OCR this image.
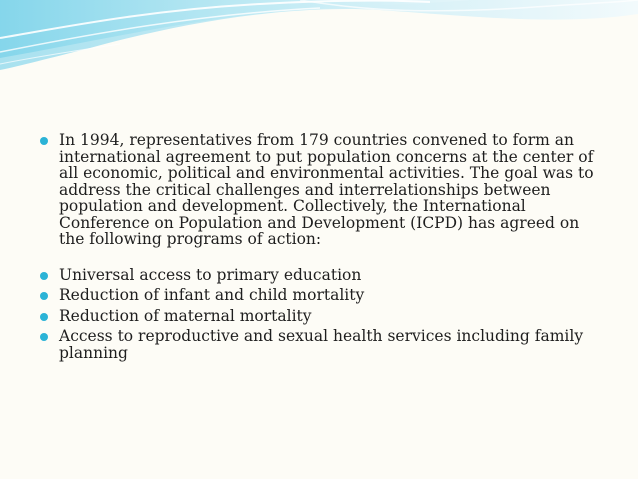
In 1994, representatives from 179 countries convened to form an international agreement to put population concerns at the center of all economic, political and environmental activities. The goal was to address the critical challenges and interrelationships between population and development. Collectively, the International Conference on Population and Development (ICPD) has agreed on the following programs of action:
Universal access to primary education
Reduction of infant and child mortality
Reduction of maternal mortality
Access to reproductive and sexual health services including family planning
